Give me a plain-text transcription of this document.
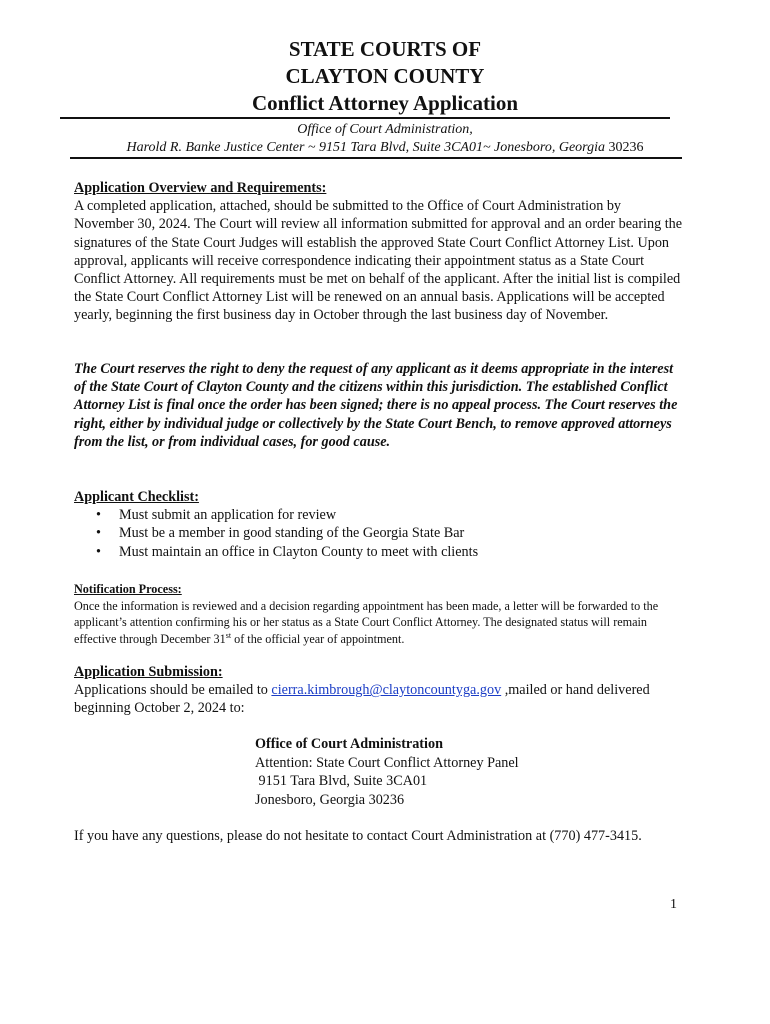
STATE COURTS OF
CLAYTON COUNTY
Conflict Attorney Application
Office of Court Administration,
Harold R. Banke Justice Center ~ 9151 Tara Blvd, Suite 3CA01~ Jonesboro, Georgia 30236
Application Overview and Requirements:
A completed application, attached, should be submitted to the Office of Court Administration by November 30, 2024. The Court will review all information submitted for approval and an order bearing the signatures of the State Court Judges will establish the approved State Court Conflict Attorney List. Upon approval, applicants will receive correspondence indicating their appointment status as a State Court Conflict Attorney. All requirements must be met on behalf of the applicant. After the initial list is compiled the State Court Conflict Attorney List will be renewed on an annual basis. Applications will be accepted yearly, beginning the first business day in October through the last business day of November.
The Court reserves the right to deny the request of any applicant as it deems appropriate in the interest of the State Court of Clayton County and the citizens within this jurisdiction. The established Conflict Attorney List is final once the order has been signed; there is no appeal process. The Court reserves the right, either by individual judge or collectively by the State Court Bench, to remove approved attorneys from the list, or from individual cases, for good cause.
Applicant Checklist:
• Must submit an application for review
• Must be a member in good standing of the Georgia State Bar
• Must maintain an office in Clayton County to meet with clients
Notification Process:
Once the information is reviewed and a decision regarding appointment has been made, a letter will be forwarded to the applicant’s attention confirming his or her status as a State Court Conflict Attorney. The designated status will remain effective through December 31st of the official year of appointment.
Application Submission:
Applications should be emailed to cierra.kimbrough@claytoncountyga.gov ,mailed or hand delivered beginning October 2, 2024 to:
Office of Court Administration
Attention: State Court Conflict Attorney Panel
9151 Tara Blvd, Suite 3CA01
Jonesboro, Georgia 30236
If you have any questions, please do not hesitate to contact Court Administration at (770) 477-3415.
1
